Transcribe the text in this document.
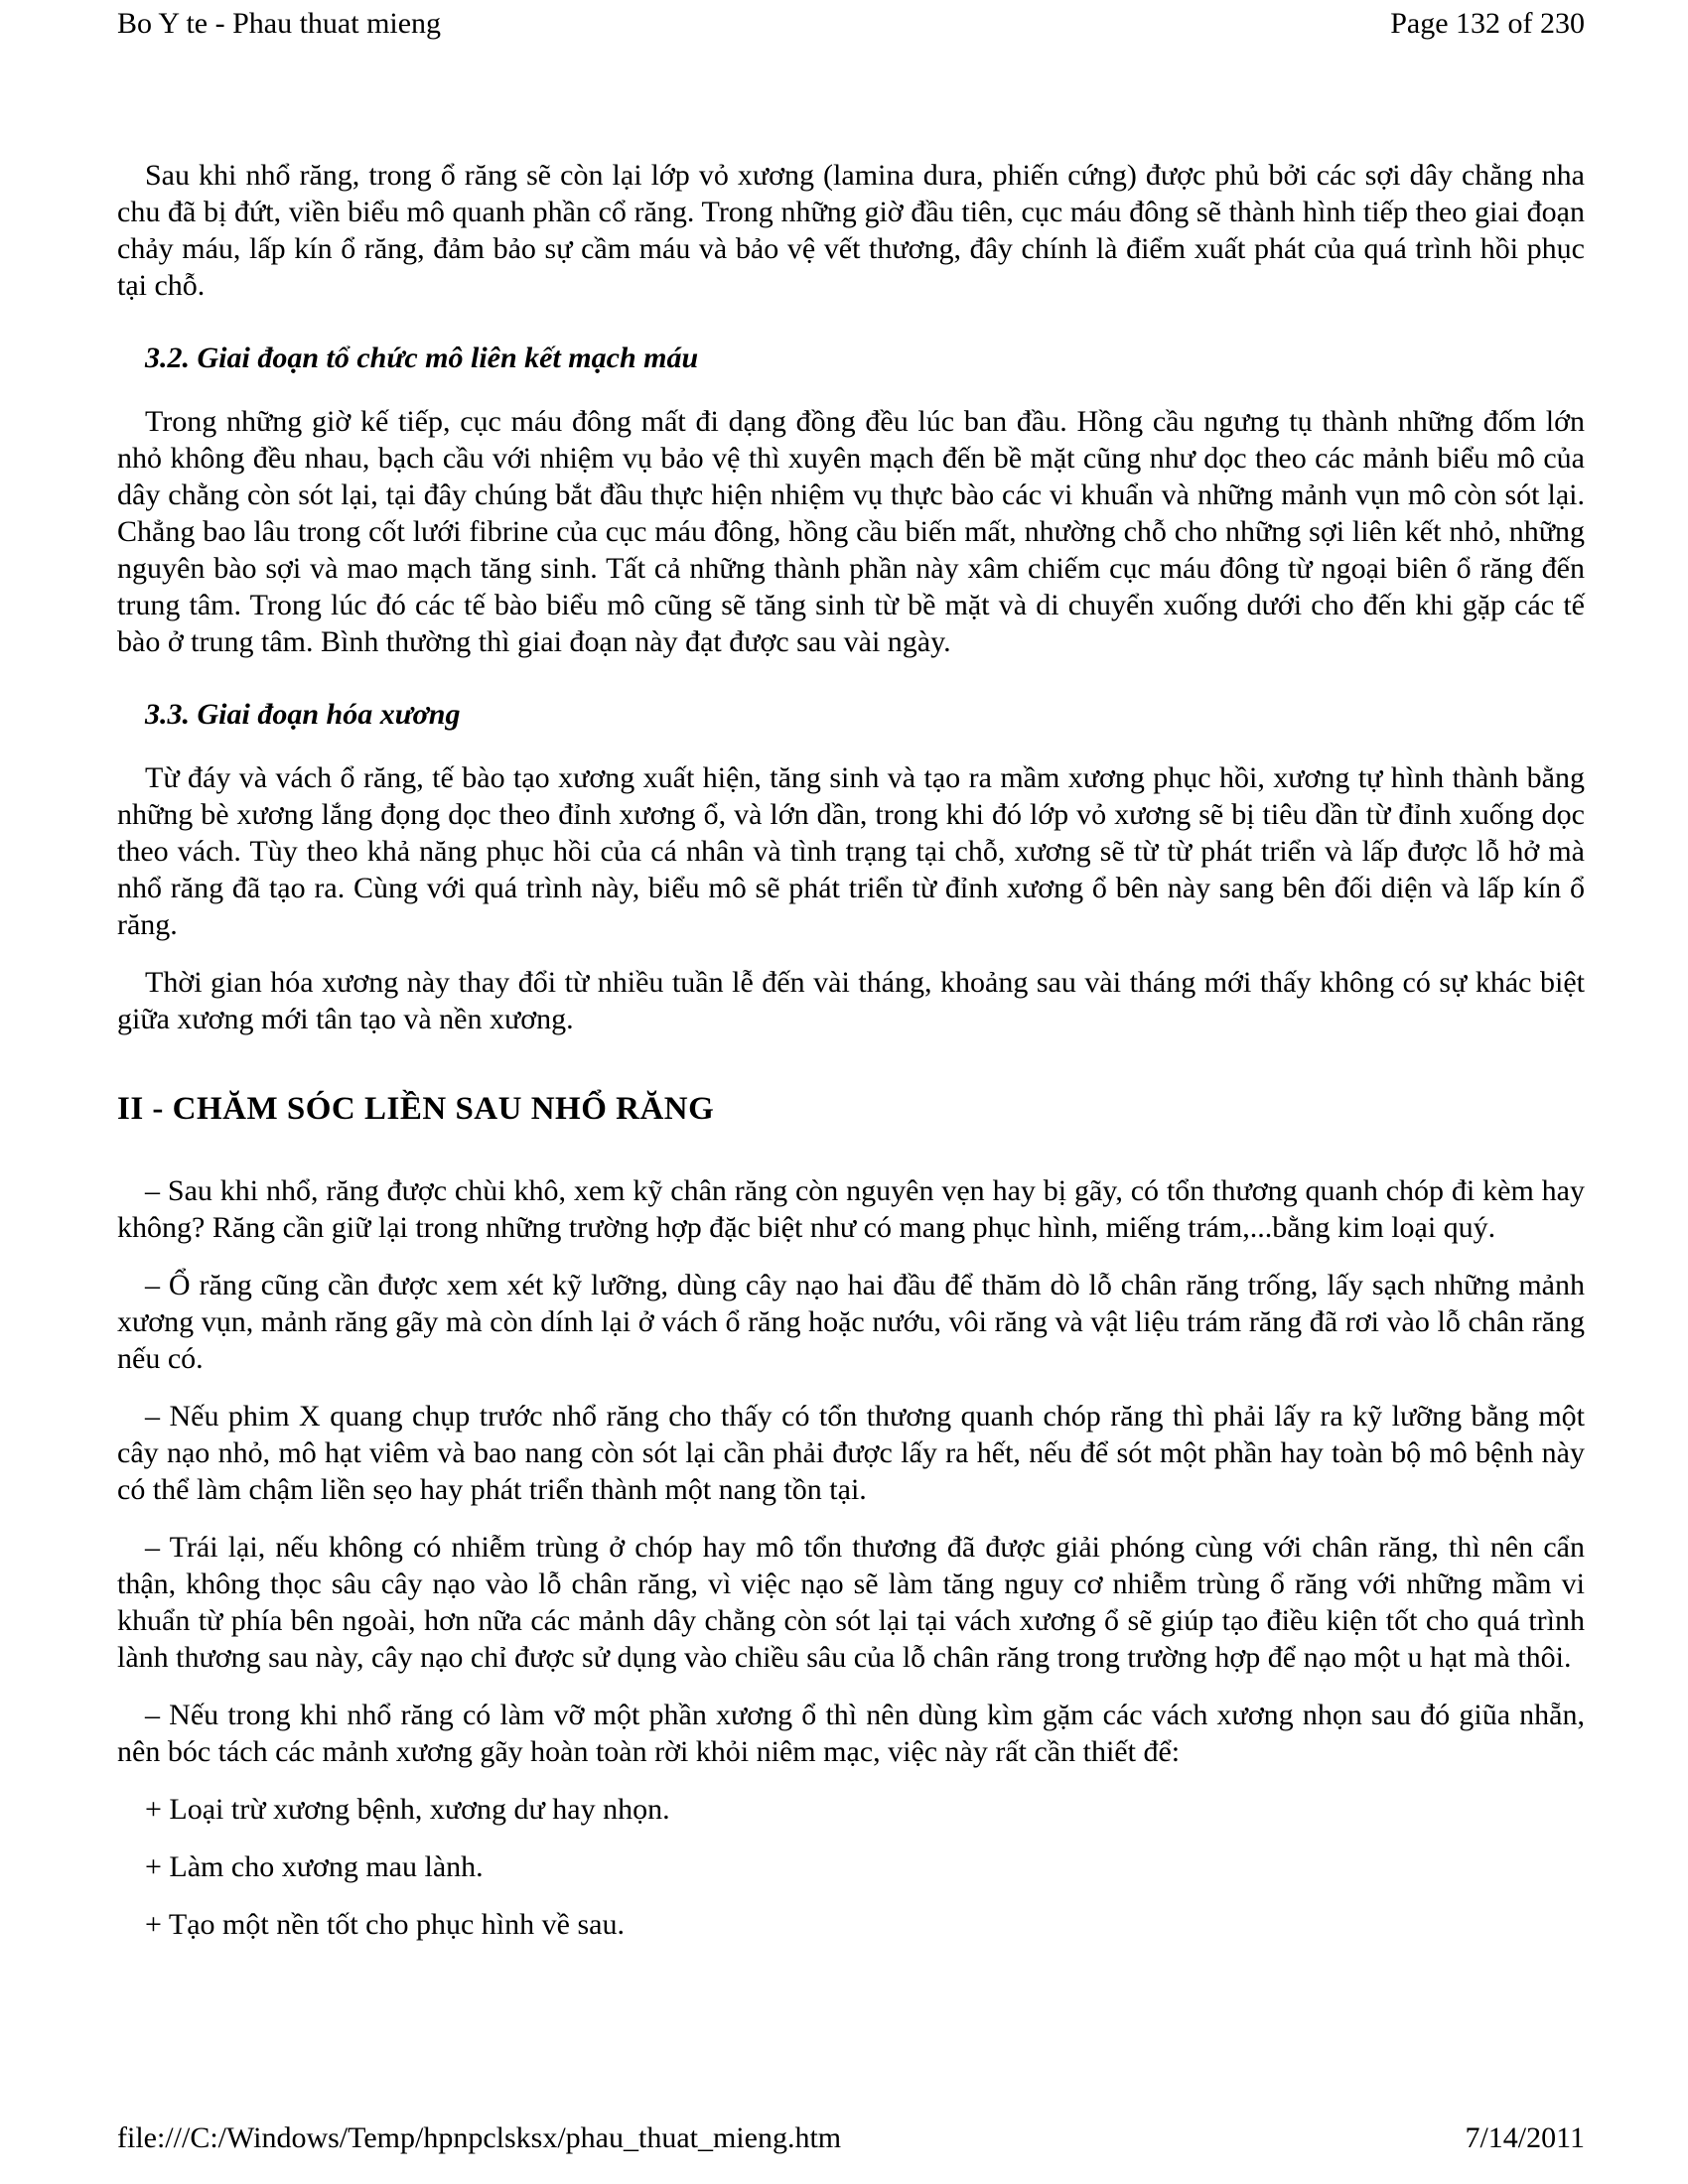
Bo Y te - Phau thuat mieng	Page 132 of 230

Sau khi nhổ răng, trong ổ răng sẽ còn lại lớp vỏ xương (lamina dura, phiến cứng) được phủ bởi các sợi dây chằng nha chu đã bị đứt, viền biểu mô quanh phần cổ răng. Trong những giờ đầu tiên, cục máu đông sẽ thành hình tiếp theo giai đoạn chảy máu, lấp kín ổ răng, đảm bảo sự cầm máu và bảo vệ vết thương, đây chính là điểm xuất phát của quá trình hồi phục tại chỗ.

3.2. Giai đoạn tổ chức mô liên kết mạch máu

Trong những giờ kế tiếp, cục máu đông mất đi dạng đồng đều lúc ban đầu. Hồng cầu ngưng tụ thành những đốm lớn nhỏ không đều nhau, bạch cầu với nhiệm vụ bảo vệ thì xuyên mạch đến bề mặt cũng như dọc theo các mảnh biểu mô của dây chằng còn sót lại, tại đây chúng bắt đầu thực hiện nhiệm vụ thực bào các vi khuẩn và những mảnh vụn mô còn sót lại. Chẳng bao lâu trong cốt lưới fibrine của cục máu đông, hồng cầu biến mất, nhường chỗ cho những sợi liên kết nhỏ, những nguyên bào sợi và mao mạch tăng sinh. Tất cả những thành phần này xâm chiếm cục máu đông từ ngoại biên ổ răng đến trung tâm. Trong lúc đó các tế bào biểu mô cũng sẽ tăng sinh từ bề mặt và di chuyển xuống dưới cho đến khi gặp các tế bào ở trung tâm. Bình thường thì giai đoạn này đạt được sau vài ngày.

3.3. Giai đoạn hóa xương

Từ đáy và vách ổ răng, tế bào tạo xương xuất hiện, tăng sinh và tạo ra mầm xương phục hồi, xương tự hình thành bằng những bè xương lắng đọng dọc theo đỉnh xương ổ, và lớn dần, trong khi đó lớp vỏ xương sẽ bị tiêu dần từ đỉnh xuống dọc theo vách. Tùy theo khả năng phục hồi của cá nhân và tình trạng tại chỗ, xương sẽ từ từ phát triển và lấp được lỗ hở mà nhổ răng đã tạo ra. Cùng với quá trình này, biểu mô sẽ phát triển từ đỉnh xương ổ bên này sang bên đối diện và lấp kín ổ răng.

Thời gian hóa xương này thay đổi từ nhiều tuần lễ đến vài tháng, khoảng sau vài tháng mới thấy không có sự khác biệt giữa xương mới tân tạo và nền xương.

II - CHĂM SÓC LIỀN SAU NHỔ RĂNG

– Sau khi nhổ, răng được chùi khô, xem kỹ chân răng còn nguyên vẹn hay bị gãy, có tổn thương quanh chóp đi kèm hay không? Răng cần giữ lại trong những trường hợp đặc biệt như có mang phục hình, miếng trám,...bằng kim loại quý.

– Ổ răng cũng cần được xem xét kỹ lưỡng, dùng cây nạo hai đầu để thăm dò lỗ chân răng trống, lấy sạch những mảnh xương vụn, mảnh răng gãy mà còn dính lại ở vách ổ răng hoặc nướu, vôi răng và vật liệu trám răng đã rơi vào lỗ chân răng nếu có.

– Nếu phim X quang chụp trước nhổ răng cho thấy có tổn thương quanh chóp răng thì phải lấy ra kỹ lưỡng bằng một cây nạo nhỏ, mô hạt viêm và bao nang còn sót lại cần phải được lấy ra hết, nếu để sót một phần hay toàn bộ mô bệnh này có thể làm chậm liền sẹo hay phát triển thành một nang tồn tại.

– Trái lại, nếu không có nhiễm trùng ở chóp hay mô tổn thương đã được giải phóng cùng với chân răng, thì nên cẩn thận, không thọc sâu cây nạo vào lỗ chân răng, vì việc nạo sẽ làm tăng nguy cơ nhiễm trùng ổ răng với những mầm vi khuẩn từ phía bên ngoài, hơn nữa các mảnh dây chằng còn sót lại tại vách xương ổ sẽ giúp tạo điều kiện tốt cho quá trình lành thương sau này, cây nạo chỉ được sử dụng vào chiều sâu của lỗ chân răng trong trường hợp để nạo một u hạt mà thôi.

– Nếu trong khi nhổ răng có làm vỡ một phần xương ổ thì nên dùng kìm gặm các vách xương nhọn sau đó giũa nhẵn, nên bóc tách các mảnh xương gãy hoàn toàn rời khỏi niêm mạc, việc này rất cần thiết để:

+ Loại trừ xương bệnh, xương dư hay nhọn.

+ Làm cho xương mau lành.

+ Tạo một nền tốt cho phục hình về sau.

file:///C:/Windows/Temp/hpnpclsksx/phau_thuat_mieng.htm	7/14/2011
